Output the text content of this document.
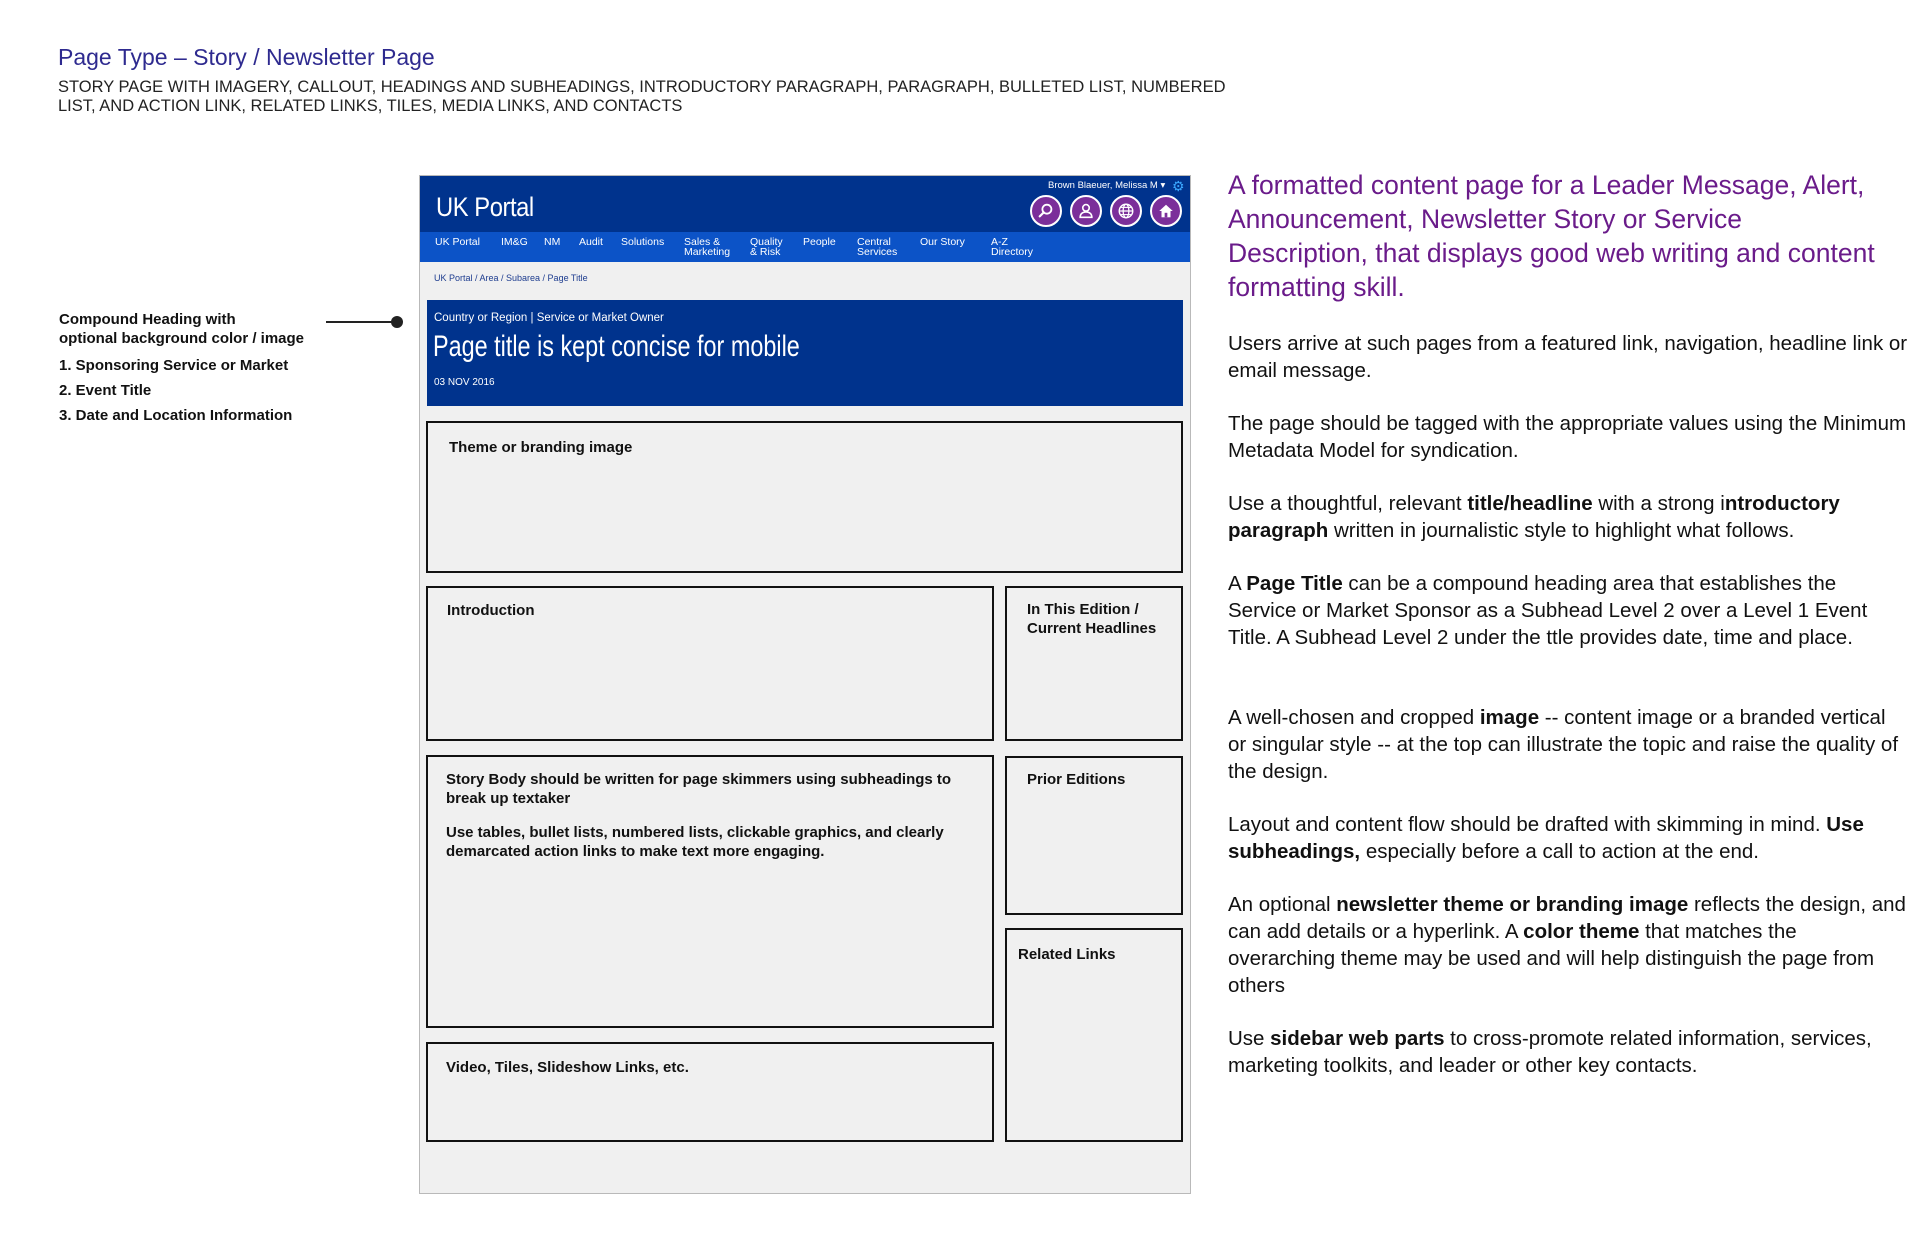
Page Type – Story / Newsletter Page
STORY PAGE WITH IMAGERY, CALLOUT, HEADINGS AND SUBHEADINGS, INTRODUCTORY PARAGRAPH, PARAGRAPH, BULLETED LIST, NUMBERED LIST, AND ACTION LINK, RELATED LINKS, TILES, MEDIA LINKS, AND CONTACTS
Compound Heading with
optional background color / image
1. Sponsoring Service or Market
2. Event Title
3. Date and Location Information
UK Portal
Brown Blaeuer, Melissa M ▾ ⚙
UK Portal IM&G NM Audit Solutions Sales &
Marketing
Quality
& Risk
People Central
Services
Our Story A-Z
Directory
UK Portal / Area / Subarea / Page Title
Country or Region | Service or Market Owner
Page title is kept concise for mobile
03 NOV 2016
Theme or branding image
Introduction	In This Edition / Current Headlines
Story Body should be written for page skimmers using subheadings to break up textaker
Use tables, bullet lists, numbered lists, clickable graphics, and clearly demarcated action links to make text more engaging.
Prior Editions
Related Links
Video, Tiles, Slideshow Links, etc.
A formatted content page for a Leader Message, Alert, Announcement, Newsletter Story or Service Description, that displays good web writing and content formatting skill.
Users arrive at such pages from a featured link, navigation, headline link or email message.
The page should be tagged with the appropriate values using the Minimum Metadata Model for syndication.
Use a thoughtful, relevant title/headline with a strong introductory paragraph written in journalistic style to highlight what follows.
A Page Title can be a compound heading area that establishes the Service or Market Sponsor as a Subhead Level 2 over a Level 1 Event Title. A Subhead Level 2 under the ttle provides date, time and place.
A well-chosen and cropped image -- content image or a branded vertical or singular style -- at the top can illustrate the topic and raise the quality of the design.
Layout and content flow should be drafted with skimming in mind. Use subheadings, especially before a call to action at the end.
An optional newsletter theme or branding image reflects the design, and can add details or a hyperlink. A color theme that matches the overarching theme may be used and will help distinguish the page from others
Use sidebar web parts to cross-promote related information, services, marketing toolkits, and leader or other key contacts.
